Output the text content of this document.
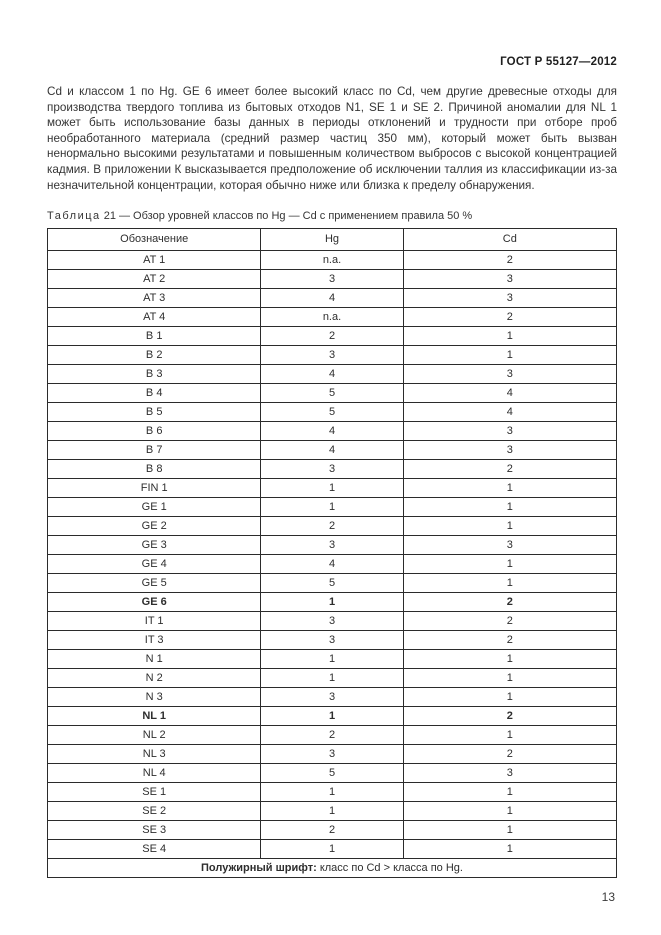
ГОСТ Р 55127—2012
Cd и классом 1 по Hg. GE 6 имеет более высокий класс по Cd, чем другие древесные отходы для производства твердого топлива из бытовых отходов N1, SE 1 и SE 2. Причиной аномалии для NL 1 может быть использование базы данных в периоды отклонений и трудности при отборе проб необработанного материала (средний размер частиц 350 мм), который может быть вызван ненормально высокими результатами и повышенным количеством выбросов с высокой концентрацией кадмия. В приложении К высказывается предположение об исключении таллия из классификации из-за незначительной концентрации, которая обычно ниже или близка к пределу обнаружения.
Таблица 21 — Обзор уровней классов по Hg — Cd с применением правила 50 %
Обозначение	Hg	Cd
AT 1	n.a.	2
AT 2	3	3
AT 3	4	3
AT 4	n.a.	2
B 1	2	1
B 2	3	1
B 3	4	3
B 4	5	4
B 5	5	4
B 6	4	3
B 7	4	3
B 8	3	2
FIN 1	1	1
GE 1	1	1
GE 2	2	1
GE 3	3	3
GE 4	4	1
GE 5	5	1
GE 6	1	2
IT 1	3	2
IT 3	3	2
N 1	1	1
N 2	1	1
N 3	3	1
NL 1	1	2
NL 2	2	1
NL 3	3	2
NL 4	5	3
SE 1	1	1
SE 2	1	1
SE 3	2	1
SE 4	1	1
Полужирный шрифт: класс по Cd > класса по Hg.		
13
